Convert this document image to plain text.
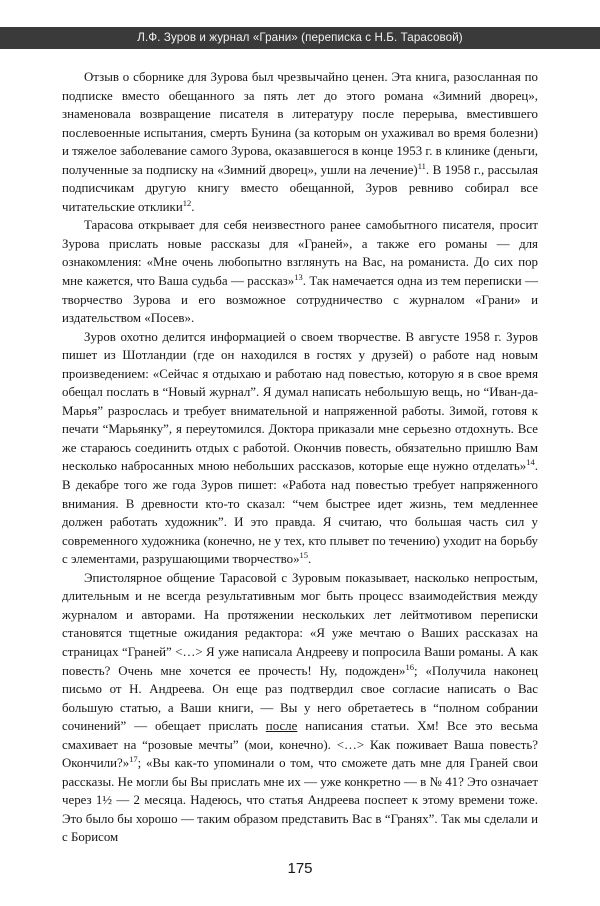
Л.Ф. Зуров и журнал «Грани» (переписка с Н.Б. Тарасовой)

Отзыв о сборнике для Зурова был чрезвычайно ценен. Эта книга, разосланная по подписке вместо обещанного за пять лет до этого романа «Зимний дворец», знаменовала возвращение писателя в литературу после перерыва, вместившего послевоенные испытания, смерть Бунина (за которым он ухаживал во время болезни) и тяжелое заболевание самого Зурова, оказавшегося в конце 1953 г. в клинике (деньги, полученные за подписку на «Зимний дворец», ушли на лечение)$^{11}$. В 1958 г., рассылая подписчикам другую книгу вместо обещанной, Зуров ревниво собирал все читательские отклики$^{12}$.

Тарасова открывает для себя неизвестного ранее самобытного писателя, просит Зурова прислать новые рассказы для «Граней», а также его романы — для ознакомления: «Мне очень любопытно взглянуть на Вас, на романиста. До сих пор мне кажется, что Ваша судьба — рассказ»$^{13}$. Так намечается одна из тем переписки — творчество Зурова и его возможное сотрудничество с журналом «Грани» и издательством «Посев».

Зуров охотно делится информацией о своем творчестве. В августе 1958 г. Зуров пишет из Шотландии (где он находился в гостях у друзей) о работе над новым произведением: «Сейчас я отдыхаю и работаю над повестью, которую я в свое время обещал послать в “Новый журнал”. Я думал написать небольшую вещь, но “Иван-да-Марья” разрослась и требует внимательной и напряженной работы. Зимой, готовя к печати “Марьянку”, я переутомился. Доктора приказали мне серьезно отдохнуть. Все же стараюсь соединить отдых с работой. Окончив повесть, обязательно пришлю Вам несколько набросанных мною небольших рассказов, которые еще нужно отделать»$^{14}$. В декабре того же года Зуров пишет: «Работа над повестью требует напряженного внимания. В древности кто-то сказал: “чем быстрее идет жизнь, тем медленнее должен работать художник”. И это правда. Я считаю, что большая часть сил у современного художника (конечно, не у тех, кто плывет по течению) уходит на борьбу с элементами, разрушающими творчество»$^{15}$.

Эпистолярное общение Тарасовой с Зуровым показывает, насколько непростым, длительным и не всегда результативным мог быть процесс взаимодействия между журналом и авторами. На протяжении нескольких лет лейтмотивом переписки становятся тщетные ожидания редактора: «Я уже мечтаю о Ваших рассказах на страницах “Граней” <…> Я уже написала Андрееву и попросила Ваши романы. А как повесть? Очень мне хочется ее прочесть! Ну, подожден»$^{16}$; «Получила наконец письмо от Н. Андреева. Он еще раз подтвердил свое согласие написать о Вас большую статью, а Ваши книги, — Вы у него обретаетесь в “полном собрании сочинений” — обещает прислать после написания статьи. Хм! Все это весьма смахивает на “розовые мечты” (мои, конечно). <…> Как поживает Ваша повесть? Окончили?»$^{17}$; «Вы как-то упоминали о том, что сможете дать мне для Граней свои рассказы. Не могли бы Вы прислать мне их — уже конкретно — в № 41? Это означает через 1½ — 2 месяца. Надеюсь, что статья Андреева поспеет к этому времени тоже. Это было бы хорошо — таким образом представить Вас в “Гранях”. Так мы сделали и с Борисом

175
